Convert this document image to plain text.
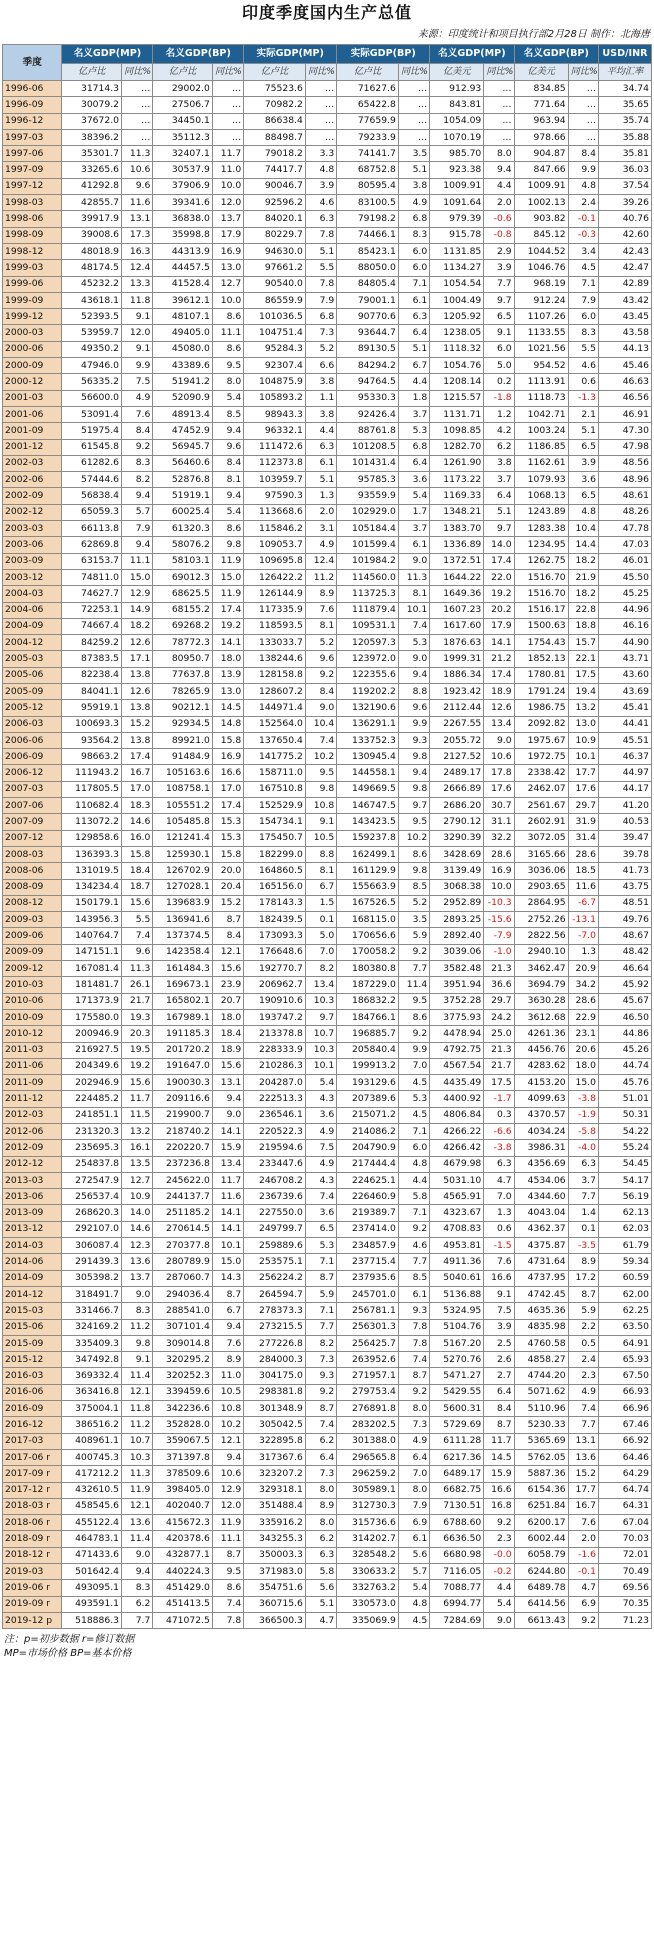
印度季度国内生产总值
来源：印度统计和项目执行部2月28日 制作：北海唐
季度	名义GDP(MP)		名义GDP(BP)		实际GDP(MP)		实际GDP(BP)		名义GDP(MP)		名义GDP(BP)		USD/INR
	亿卢比	同比%	亿卢比	同比%	亿卢比	同比%	亿卢比	同比%	亿美元	同比%	亿美元	同比%	平均汇率
1996-06	31714.3	…	29002.0	…	75523.6	…	71627.6	…	912.93	…	834.85	…	34.74
1996-09	30079.2	…	27506.7	…	70982.2	…	65422.8	…	843.81	…	771.64	…	35.65
1996-12	37672.0	…	34450.1	…	86638.4	…	77659.9	…	1054.09	…	963.94	…	35.74
1997-03	38396.2	…	35112.3	…	88498.7	…	79233.9	…	1070.19	…	978.66	…	35.88
1997-06	35301.7	11.3	32407.1	11.7	79018.2	3.3	74141.7	3.5	985.70	8.0	904.87	8.4	35.81
1997-09	33265.6	10.6	30537.9	11.0	74417.7	4.8	68752.8	5.1	923.38	9.4	847.66	9.9	36.03
1997-12	41292.8	9.6	37906.9	10.0	90046.7	3.9	80595.4	3.8	1009.91	4.4	1009.91	4.8	37.54
1998-03	42855.7	11.6	39341.6	12.0	92596.2	4.6	83100.5	4.9	1091.64	2.0	1002.13	2.4	39.26
1998-06	39917.9	13.1	36838.0	13.7	84020.1	6.3	79198.2	6.8	979.39	-0.6	903.82	-0.1	40.76
1998-09	39008.6	17.3	35998.8	17.9	80229.7	7.8	74466.1	8.3	915.78	-0.8	845.12	-0.3	42.60
1998-12	48018.9	16.3	44313.9	16.9	94630.0	5.1	85423.1	6.0	1131.85	2.9	1044.52	3.4	42.43
1999-03	48174.5	12.4	44457.5	13.0	97661.2	5.5	88050.0	6.0	1134.27	3.9	1046.76	4.5	42.47
1999-06	45232.2	13.3	41528.4	12.7	90540.0	7.8	84805.4	7.1	1054.54	7.7	968.19	7.1	42.89
1999-09	43618.1	11.8	39612.1	10.0	86559.9	7.9	79001.1	6.1	1004.49	9.7	912.24	7.9	43.42
1999-12	52393.5	9.1	48107.1	8.6	101036.5	6.8	90770.6	6.3	1205.92	6.5	1107.26	6.0	43.45
2000-03	53959.7	12.0	49405.0	11.1	104751.4	7.3	93644.7	6.4	1238.05	9.1	1133.55	8.3	43.58
2000-06	49350.2	9.1	45080.0	8.6	95284.3	5.2	89130.5	5.1	1118.32	6.0	1021.56	5.5	44.13
2000-09	47946.0	9.9	43389.6	9.5	92307.4	6.6	84294.2	6.7	1054.76	5.0	954.52	4.6	45.46
2000-12	56335.2	7.5	51941.2	8.0	104875.9	3.8	94764.5	4.4	1208.14	0.2	1113.91	0.6	46.63
2001-03	56600.0	4.9	52090.9	5.4	105893.2	1.1	95330.3	1.8	1215.57	-1.8	1118.73	-1.3	46.56
2001-06	53091.4	7.6	48913.4	8.5	98943.3	3.8	92426.4	3.7	1131.71	1.2	1042.71	2.1	46.91
2001-09	51975.4	8.4	47452.9	9.4	96332.1	4.4	88761.8	5.3	1098.85	4.2	1003.24	5.1	47.30
2001-12	61545.8	9.2	56945.7	9.6	111472.6	6.3	101208.5	6.8	1282.70	6.2	1186.85	6.5	47.98
2002-03	61282.6	8.3	56460.6	8.4	112373.8	6.1	101431.4	6.4	1261.90	3.8	1162.61	3.9	48.56
2002-06	57444.6	8.2	52876.8	8.1	103959.7	5.1	95785.3	3.6	1173.22	3.7	1079.93	3.6	48.96
2002-09	56838.4	9.4	51919.1	9.4	97590.3	1.3	93559.9	5.4	1169.33	6.4	1068.13	6.5	48.61
2002-12	65059.3	5.7	60025.4	5.4	113668.6	2.0	102929.0	1.7	1348.21	5.1	1243.89	4.8	48.26
2003-03	66113.8	7.9	61320.3	8.6	115846.2	3.1	105184.4	3.7	1383.70	9.7	1283.38	10.4	47.78
2003-06	62869.8	9.4	58076.2	9.8	109053.7	4.9	101599.4	6.1	1336.89	14.0	1234.95	14.4	47.03
2003-09	63153.7	11.1	58103.1	11.9	109695.8	12.4	101984.2	9.0	1372.51	17.4	1262.75	18.2	46.01
2003-12	74811.0	15.0	69012.3	15.0	126422.2	11.2	114560.0	11.3	1644.22	22.0	1516.70	21.9	45.50
2004-03	74627.7	12.9	68625.5	11.9	126144.9	8.9	113725.3	8.1	1649.36	19.2	1516.70	18.2	45.25
2004-06	72253.1	14.9	68155.2	17.4	117335.9	7.6	111879.4	10.1	1607.23	20.2	1516.17	22.8	44.96
2004-09	74667.4	18.2	69268.2	19.2	118593.5	8.1	109531.1	7.4	1617.60	17.9	1500.63	18.8	46.16
2004-12	84259.2	12.6	78772.3	14.1	133033.7	5.2	120597.3	5.3	1876.63	14.1	1754.43	15.7	44.90
2005-03	87383.5	17.1	80950.7	18.0	138244.6	9.6	123972.0	9.0	1999.31	21.2	1852.13	22.1	43.71
2005-06	82238.4	13.8	77637.8	13.9	128158.8	9.2	122355.6	9.4	1886.34	17.4	1780.81	17.5	43.60
2005-09	84041.1	12.6	78265.9	13.0	128607.2	8.4	119202.2	8.8	1923.42	18.9	1791.24	19.4	43.69
2005-12	95919.1	13.8	90212.1	14.5	144971.4	9.0	132190.6	9.6	2112.44	12.6	1986.75	13.2	45.41
2006-03	100693.3	15.2	92934.5	14.8	152564.0	10.4	136291.1	9.9	2267.55	13.4	2092.82	13.0	44.41
2006-06	93564.2	13.8	89921.0	15.8	137650.4	7.4	133752.3	9.3	2055.72	9.0	1975.67	10.9	45.51
2006-09	98663.2	17.4	91484.9	16.9	141775.2	10.2	130945.4	9.8	2127.52	10.6	1972.75	10.1	46.37
2006-12	111943.2	16.7	105163.6	16.6	158711.0	9.5	144558.1	9.4	2489.17	17.8	2338.42	17.7	44.97
2007-03	117805.5	17.0	108758.1	17.0	167510.8	9.8	149669.5	9.8	2666.89	17.6	2462.07	17.6	44.17
2007-06	110682.4	18.3	105551.2	17.4	152529.9	10.8	146747.5	9.7	2686.20	30.7	2561.67	29.7	41.20
2007-09	113072.2	14.6	105485.8	15.3	154734.1	9.1	143423.5	9.5	2790.12	31.1	2602.91	31.9	40.53
2007-12	129858.6	16.0	121241.4	15.3	175450.7	10.5	159237.8	10.2	3290.39	32.2	3072.05	31.4	39.47
2008-03	136393.3	15.8	125930.1	15.8	182299.0	8.8	162499.1	8.6	3428.69	28.6	3165.66	28.6	39.78
2008-06	131019.5	18.4	126702.9	20.0	164860.5	8.1	161129.9	9.8	3139.49	16.9	3036.06	18.5	41.73
2008-09	134234.4	18.7	127028.1	20.4	165156.0	6.7	155663.9	8.5	3068.38	10.0	2903.65	11.6	43.75
2008-12	150179.1	15.6	139683.9	15.2	178143.3	1.5	167526.5	5.2	2952.89	-10.3	2864.95	-6.7	48.51
2009-03	143956.3	5.5	136941.6	8.7	182439.5	0.1	168115.0	3.5	2893.25	-15.6	2752.26	-13.1	49.76
2009-06	140764.7	7.4	137374.5	8.4	173093.3	5.0	170656.6	5.9	2892.40	-7.9	2822.56	-7.0	48.67
2009-09	147151.1	9.6	142358.4	12.1	176648.6	7.0	170058.2	9.2	3039.06	-1.0	2940.10	1.3	48.42
2009-12	167081.4	11.3	161484.3	15.6	192770.7	8.2	180380.8	7.7	3582.48	21.3	3462.47	20.9	46.64
2010-03	181481.7	26.1	169673.1	23.9	206962.7	13.4	187229.0	11.4	3951.94	36.6	3694.79	34.2	45.92
2010-06	171373.9	21.7	165802.1	20.7	190910.6	10.3	186832.2	9.5	3752.28	29.7	3630.28	28.6	45.67
2010-09	175580.0	19.3	167989.1	18.0	193747.2	9.7	184766.1	8.6	3775.93	24.2	3612.68	22.9	46.50
2010-12	200946.9	20.3	191185.3	18.4	213378.8	10.7	196885.7	9.2	4478.94	25.0	4261.36	23.1	44.86
2011-03	216927.5	19.5	201720.2	18.9	228333.9	10.3	205840.4	9.9	4792.75	21.3	4456.76	20.6	45.26
2011-06	204349.6	19.2	191647.0	15.6	210286.3	10.1	199913.2	7.0	4567.54	21.7	4283.62	18.0	44.74
2011-09	202946.9	15.6	190030.3	13.1	204287.0	5.4	193129.6	4.5	4435.49	17.5	4153.20	15.0	45.76
2011-12	224485.2	11.7	209116.6	9.4	222513.3	4.3	207389.6	5.3	4400.92	-1.7	4099.63	-3.8	51.01
2012-03	241851.1	11.5	219900.7	9.0	236546.1	3.6	215071.2	4.5	4806.84	0.3	4370.57	-1.9	50.31
2012-06	231320.3	13.2	218740.2	14.1	220522.3	4.9	214086.2	7.1	4266.22	-6.6	4034.24	-5.8	54.22
2012-09	235695.3	16.1	220220.7	15.9	219594.6	7.5	204790.9	6.0	4266.42	-3.8	3986.31	-4.0	55.24
2012-12	254837.8	13.5	237236.8	13.4	233447.6	4.9	217444.4	4.8	4679.98	6.3	4356.69	6.3	54.45
2013-03	272547.9	12.7	245622.0	11.7	246708.2	4.3	224625.1	4.4	5031.10	4.7	4534.06	3.7	54.17
2013-06	256537.4	10.9	244137.7	11.6	236739.6	7.4	226460.9	5.8	4565.91	7.0	4344.60	7.7	56.19
2013-09	268620.3	14.0	251185.2	14.1	227550.0	3.6	219389.7	7.1	4323.67	1.3	4043.04	1.4	62.13
2013-12	292107.0	14.6	270614.5	14.1	249799.7	6.5	237414.0	9.2	4708.83	0.6	4362.37	0.1	62.03
2014-03	306087.4	12.3	270377.8	10.1	259889.6	5.3	234857.9	4.6	4953.81	-1.5	4375.87	-3.5	61.79
2014-06	291439.3	13.6	280789.9	15.0	253575.1	7.1	237715.4	7.7	4911.36	7.6	4731.64	8.9	59.34
2014-09	305398.2	13.7	287060.7	14.3	256224.2	8.7	237935.6	8.5	5040.61	16.6	4737.95	17.2	60.59
2014-12	318491.7	9.0	294036.4	8.7	264594.7	5.9	245701.0	6.1	5136.88	9.1	4742.45	8.7	62.00
2015-03	331466.7	8.3	288541.0	6.7	278373.3	7.1	256781.1	9.3	5324.95	7.5	4635.36	5.9	62.25
2015-06	324169.2	11.2	307101.4	9.4	273215.5	7.7	256301.3	7.8	5104.76	3.9	4835.98	2.2	63.50
2015-09	335409.3	9.8	309014.8	7.6	277226.8	8.2	256425.7	7.8	5167.20	2.5	4760.58	0.5	64.91
2015-12	347492.8	9.1	320295.2	8.9	284000.3	7.3	263952.6	7.4	5270.76	2.6	4858.27	2.4	65.93
2016-03	369332.4	11.4	320252.3	11.0	304175.0	9.3	271957.1	8.7	5471.27	2.7	4744.20	2.3	67.50
2016-06	363416.8	12.1	339459.6	10.5	298381.8	9.2	279753.4	9.2	5429.55	6.4	5071.62	4.9	66.93
2016-09	375004.1	11.8	342236.6	10.8	301348.9	8.7	276891.8	8.0	5600.31	8.4	5110.96	7.4	66.96
2016-12	386516.2	11.2	352828.0	10.2	305042.5	7.4	283202.5	7.3	5729.69	8.7	5230.33	7.7	67.46
2017-03	408961.1	10.7	359067.5	12.1	322895.8	6.2	301388.0	4.9	6111.28	11.7	5365.69	13.1	66.92
2017-06 r	400745.3	10.3	371397.8	9.4	317367.6	6.4	296565.8	6.4	6217.36	14.5	5762.05	13.6	64.46
2017-09 r	417212.2	11.3	378509.6	10.6	323207.2	7.3	296259.2	7.0	6489.17	15.9	5887.36	15.2	64.29
2017-12 r	432610.5	11.9	398405.0	12.9	329318.1	8.0	305989.1	8.0	6682.75	16.6	6154.36	17.7	64.74
2018-03 r	458545.6	12.1	402040.7	12.0	351488.4	8.9	312730.3	7.9	7130.51	16.8	6251.84	16.7	64.31
2018-06 r	455122.4	13.6	415672.3	11.9	335916.2	8.0	315736.6	6.9	6788.60	9.2	6200.17	7.6	67.04
2018-09 r	464783.1	11.4	420378.6	11.1	343255.3	6.2	314202.7	6.1	6636.50	2.3	6002.44	2.0	70.03
2018-12 r	471433.6	9.0	432877.1	8.7	350003.3	6.3	328548.2	5.6	6680.98	-0.0	6058.79	-1.6	72.01
2019-03	501642.4	9.4	440224.3	9.5	371983.0	5.8	330633.2	5.7	7116.05	-0.2	6244.80	-0.1	70.49
2019-06 r	493095.1	8.3	451429.0	8.6	354751.6	5.6	332763.2	5.4	7088.77	4.4	6489.78	4.7	69.56
2019-09 r	493591.1	6.2	451413.5	7.4	360715.6	5.1	330573.0	4.8	6994.77	5.4	6414.56	6.9	70.35
2019-12 p	518886.3	7.7	471072.5	7.8	366500.3	4.7	335069.9	4.5	7284.69	9.0	6613.43	9.2	71.23
注：p=初步数据 r=修订数据
MP=市场价格 BP=基本价格
